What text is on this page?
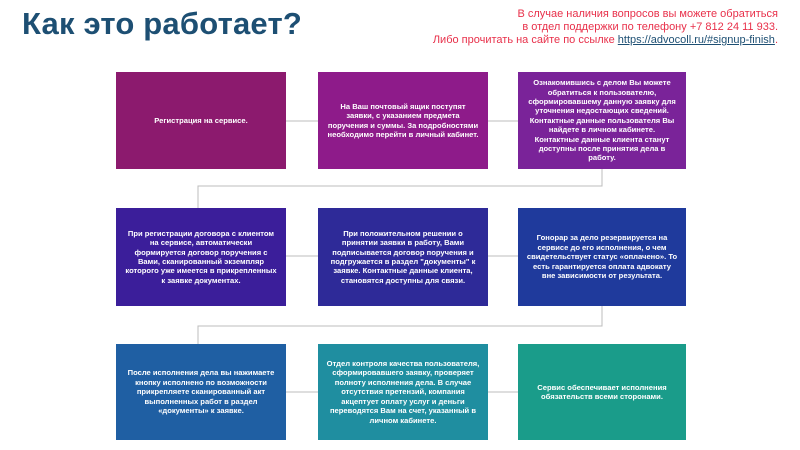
Как это работает?	В случае наличия вопросов вы можете обратиться
в отдел поддержки по телефону +7 812 24 11 933.
Либо прочитать на сайте по ссылке https://advocoll.ru/#signup-finish.
Регистрация на сервисе.
На Ваш почтовый ящик поступят заявки, с указанием предмета поручения и суммы. За подробностями необходимо перейти в личный кабинет.
Ознакомившись с делом Вы можете обратиться к пользователю, сформировавшему данную заявку для уточнения недостающих сведений.
Контактные данные пользователя Вы найдете в личном кабинете.
Контактные данные клиента станут доступны после принятия дела в работу.
При регистрации договора с клиентом на сервисе, автоматически формируется договор поручения с Вами, сканированный экземпляр которого уже имеется в прикрепленных к заявке документах.
При положительном решении о принятии заявки в работу, Вами подписывается договор поручения и подгружается в раздел "документы" к заявке. Контактные данные клиента, становятся доступны для связи.
Гонорар за дело резервируется на сервисе до его исполнения, о чем свидетельствует статус «оплачено». То есть гарантируется оплата адвокату вне зависимости от результата.
После исполнения дела вы нажимаете кнопку исполнено по возможности прикрепляете сканированный акт выполненных работ в раздел «документы» к заявке.
Отдел контроля качества пользователя, сформировавшего заявку, проверяет полноту исполнения дела. В случае отсутствия претензий, компания акцептует оплату услуг и деньги переводятся Вам на счет, указанный в личном кабинете.
Сервис обеспечивает исполнения обязательств всеми сторонами.
